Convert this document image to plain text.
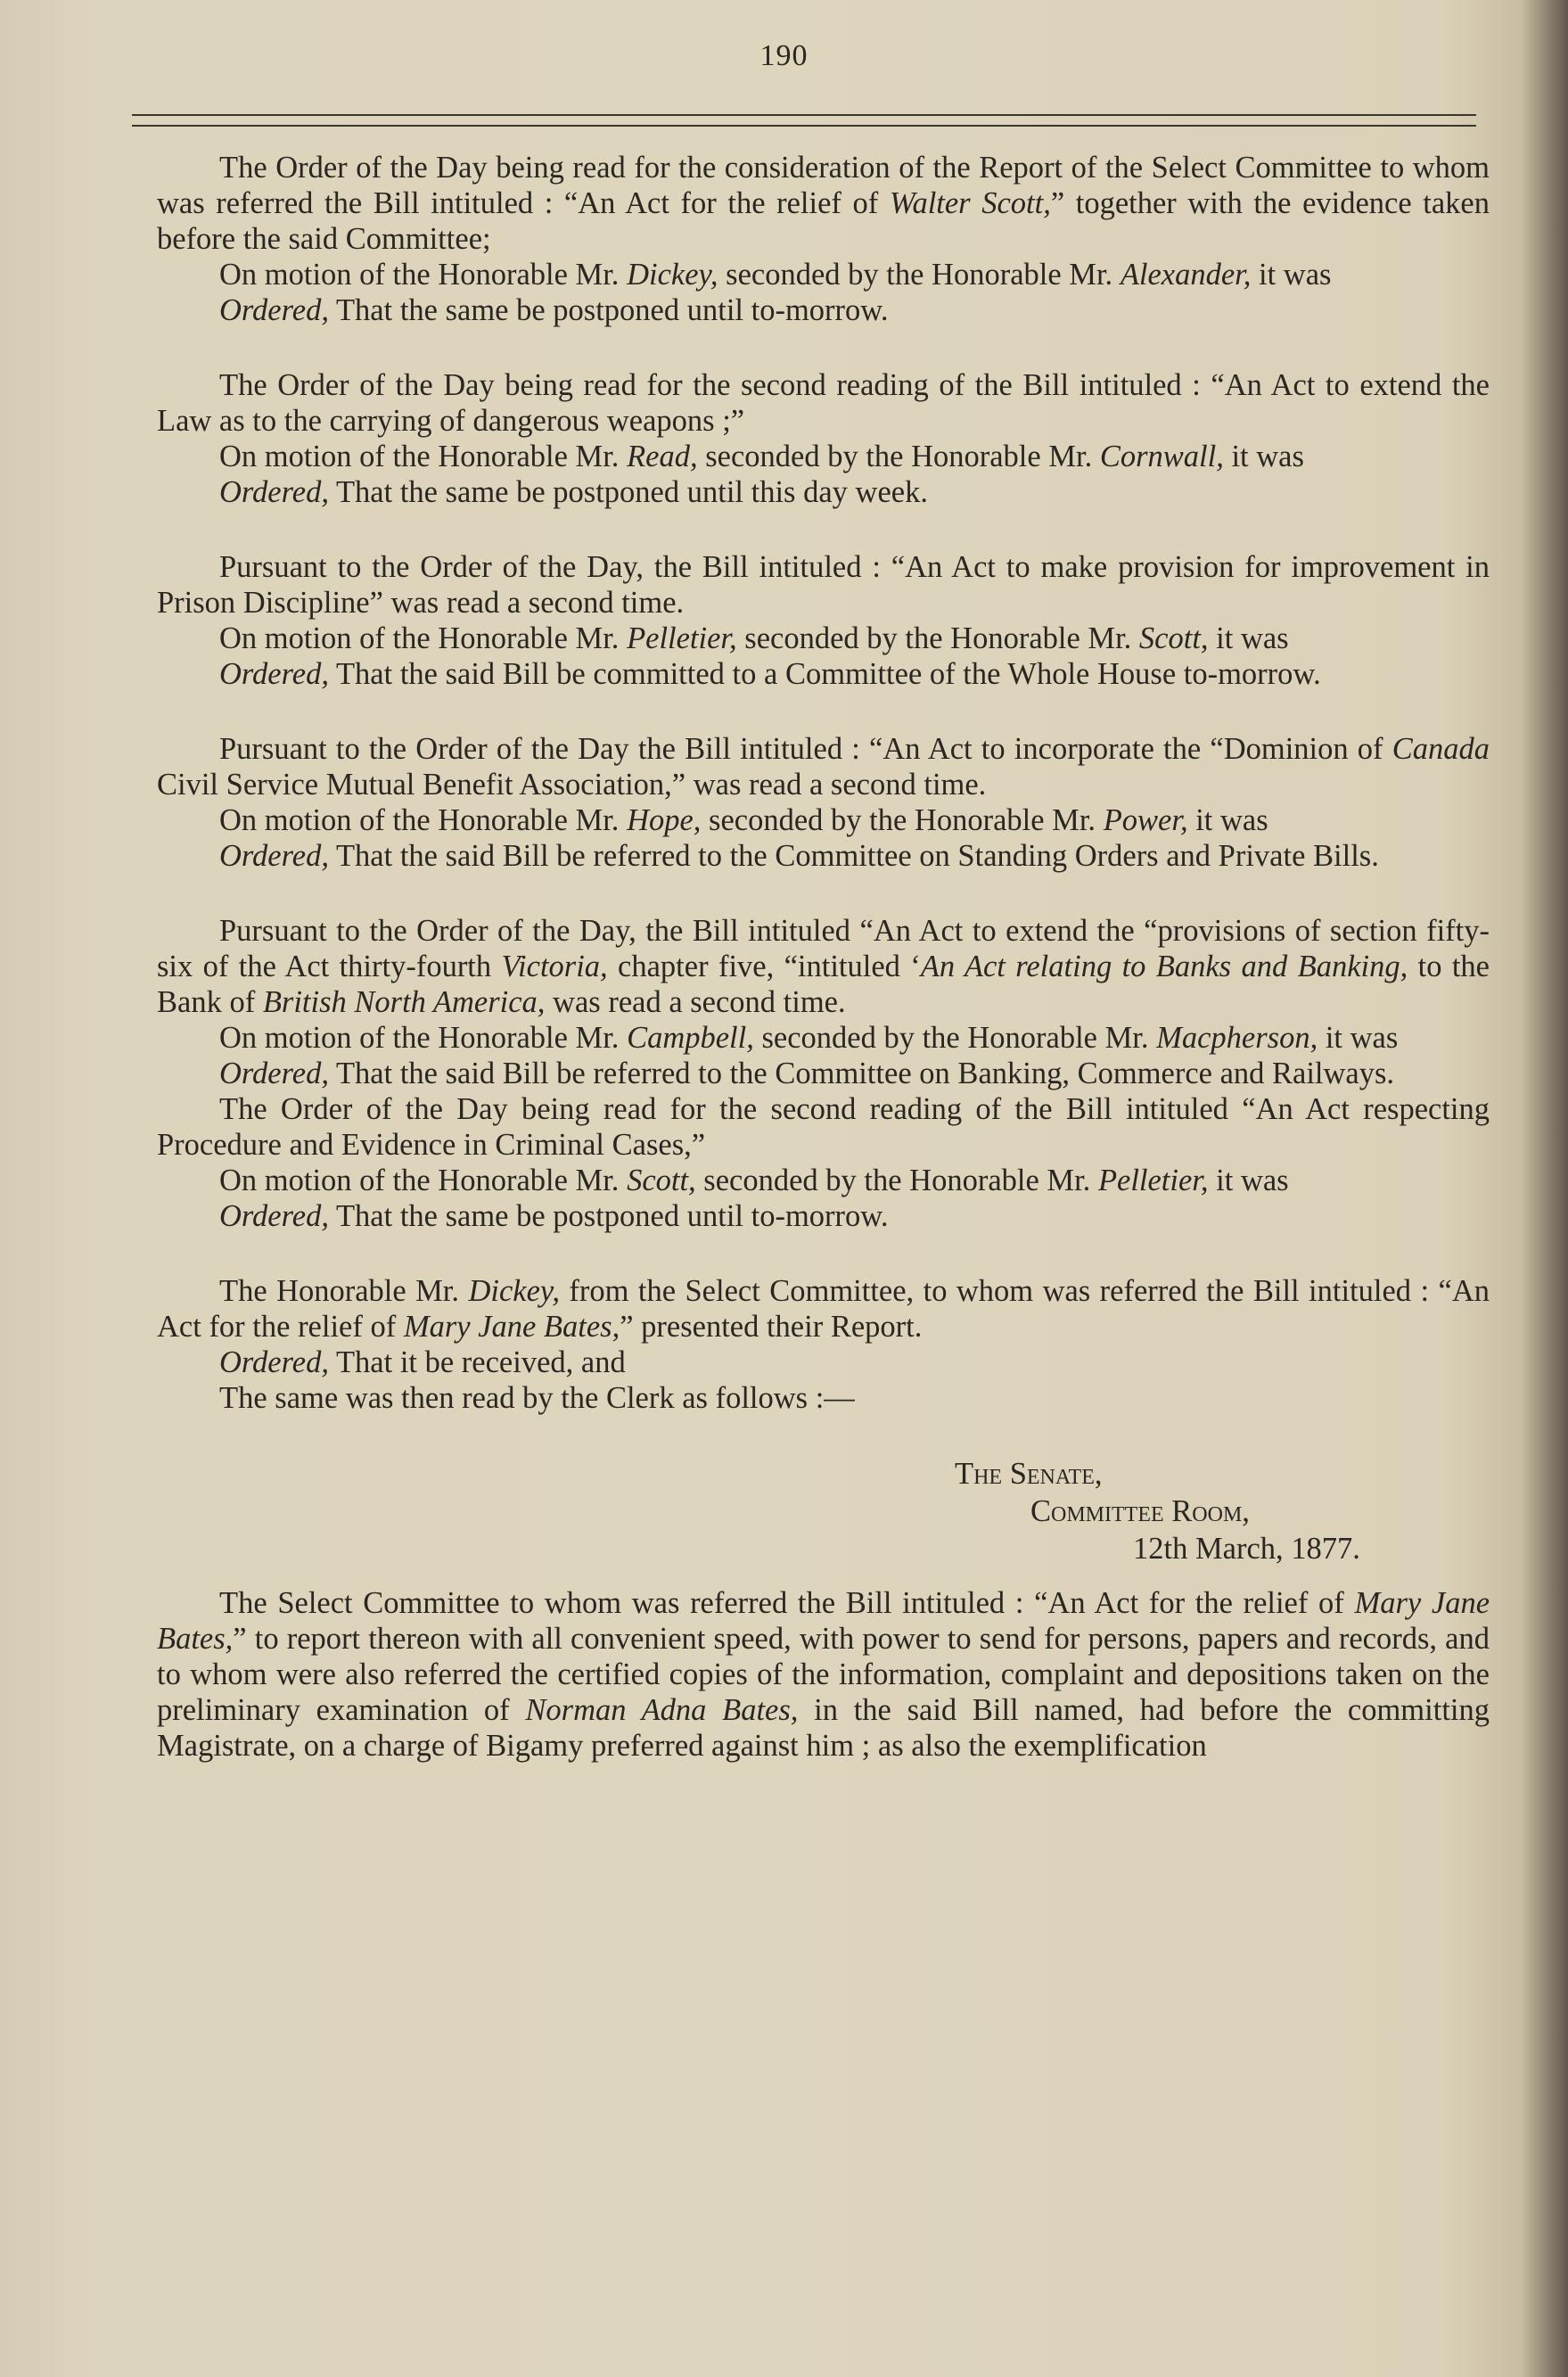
190

The Order of the Day being read for the consideration of the Report of the Select Committee to whom was referred the Bill intituled : “An Act for the relief of Walter Scott,” together with the evidence taken before the said Committee;

On motion of the Honorable Mr. Dickey, seconded by the Honorable Mr. Alexander, it was

Ordered, That the same be postponed until to-morrow.

The Order of the Day being read for the second reading of the Bill intituled : “An Act to extend the Law as to the carrying of dangerous weapons ;”

On motion of the Honorable Mr. Read, seconded by the Honorable Mr. Cornwall, it was

Ordered, That the same be postponed until this day week.

Pursuant to the Order of the Day, the Bill intituled : “An Act to make provision for improvement in Prison Discipline” was read a second time.

On motion of the Honorable Mr. Pelletier, seconded by the Honorable Mr. Scott, it was

Ordered, That the said Bill be committed to a Committee of the Whole House to-morrow.

Pursuant to the Order of the Day the Bill intituled : “An Act to incorporate the “Dominion of Canada Civil Service Mutual Benefit Association,” was read a second time.

On motion of the Honorable Mr. Hope, seconded by the Honorable Mr. Power, it was

Ordered, That the said Bill be referred to the Committee on Standing Orders and Private Bills.

Pursuant to the Order of the Day, the Bill intituled “An Act to extend the “provisions of section fifty-six of the Act thirty-fourth Victoria, chapter five, “intituled ‘An Act relating to Banks and Banking, to the Bank of British North America, was read a second time.

On motion of the Honorable Mr. Campbell, seconded by the Honorable Mr. Macpherson, it was

Ordered, That the said Bill be referred to the Committee on Banking, Commerce and Railways.

The Order of the Day being read for the second reading of the Bill intituled “An Act respecting Procedure and Evidence in Criminal Cases,”

On motion of the Honorable Mr. Scott, seconded by the Honorable Mr. Pelletier, it was

Ordered, That the same be postponed until to-morrow.

The Honorable Mr. Dickey, from the Select Committee, to whom was referred the Bill intituled : “An Act for the relief of Mary Jane Bates,” presented their Report.

Ordered, That it be received, and

The same was then read by the Clerk as follows :—

The Senate,
Committee Room,
12th March, 1877.

The Select Committee to whom was referred the Bill intituled : “An Act for the relief of Mary Jane Bates,” to report thereon with all convenient speed, with power to send for persons, papers and records, and to whom were also referred the certified copies of the information, complaint and depositions taken on the preliminary examination of Norman Adna Bates, in the said Bill named, had before the committing Magistrate, on a charge of Bigamy preferred against him ; as also the exemplification
